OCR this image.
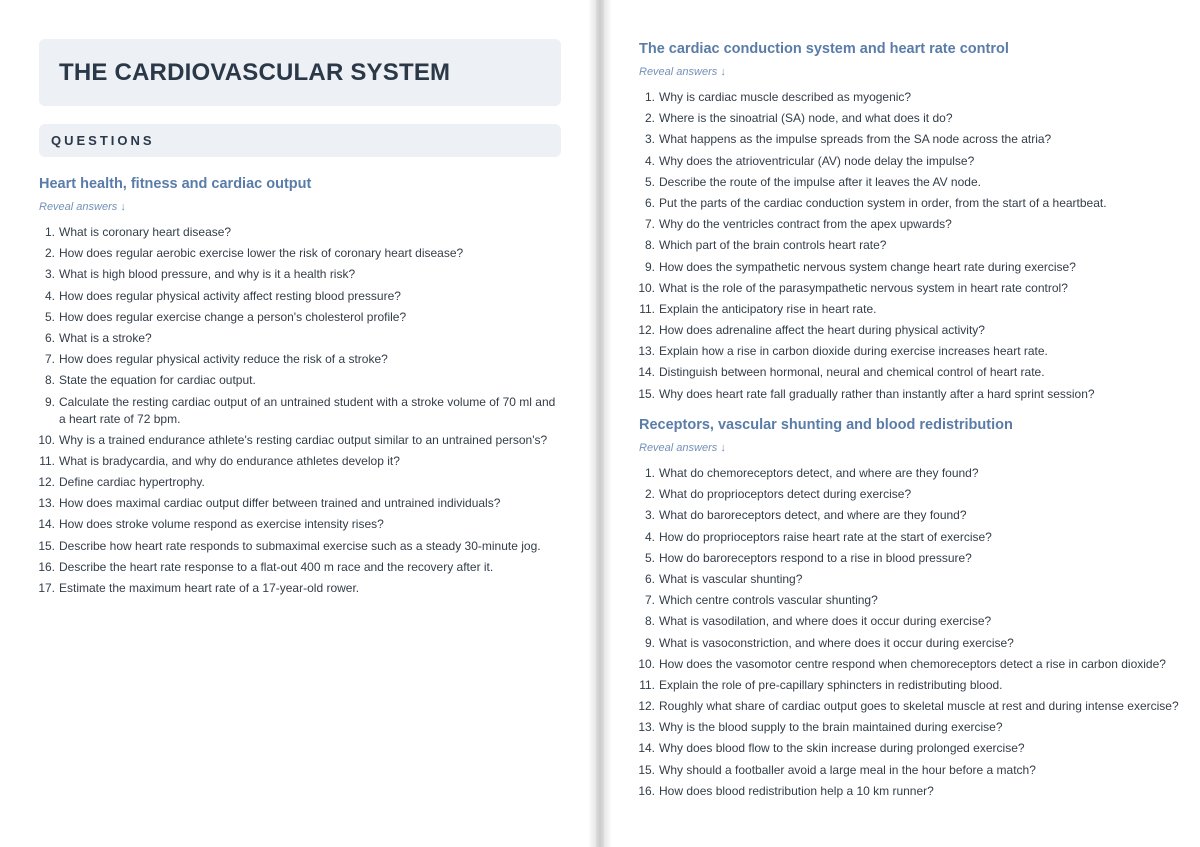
THE CARDIOVASCULAR SYSTEM
QUESTIONS
Heart health, fitness and cardiac output
Reveal answers ↓
1. What is coronary heart disease?
2. How does regular aerobic exercise lower the risk of coronary heart disease?
3. What is high blood pressure, and why is it a health risk?
4. How does regular physical activity affect resting blood pressure?
5. How does regular exercise change a person's cholesterol profile?
6. What is a stroke?
7. How does regular physical activity reduce the risk of a stroke?
8. State the equation for cardiac output.
9. Calculate the resting cardiac output of an untrained student with a stroke volume of 70 ml and a heart rate of 72 bpm.
10. Why is a trained endurance athlete's resting cardiac output similar to an untrained person's?
11. What is bradycardia, and why do endurance athletes develop it?
12. Define cardiac hypertrophy.
13. How does maximal cardiac output differ between trained and untrained individuals?
14. How does stroke volume respond as exercise intensity rises?
15. Describe how heart rate responds to submaximal exercise such as a steady 30-minute jog.
16. Describe the heart rate response to a flat-out 400 m race and the recovery after it.
17. Estimate the maximum heart rate of a 17-year-old rower.
The cardiac conduction system and heart rate control
Reveal answers ↓
1. Why is cardiac muscle described as myogenic?
2. Where is the sinoatrial (SA) node, and what does it do?
3. What happens as the impulse spreads from the SA node across the atria?
4. Why does the atrioventricular (AV) node delay the impulse?
5. Describe the route of the impulse after it leaves the AV node.
6. Put the parts of the cardiac conduction system in order, from the start of a heartbeat.
7. Why do the ventricles contract from the apex upwards?
8. Which part of the brain controls heart rate?
9. How does the sympathetic nervous system change heart rate during exercise?
10. What is the role of the parasympathetic nervous system in heart rate control?
11. Explain the anticipatory rise in heart rate.
12. How does adrenaline affect the heart during physical activity?
13. Explain how a rise in carbon dioxide during exercise increases heart rate.
14. Distinguish between hormonal, neural and chemical control of heart rate.
15. Why does heart rate fall gradually rather than instantly after a hard sprint session?
Receptors, vascular shunting and blood redistribution
Reveal answers ↓
1. What do chemoreceptors detect, and where are they found?
2. What do proprioceptors detect during exercise?
3. What do baroreceptors detect, and where are they found?
4. How do proprioceptors raise heart rate at the start of exercise?
5. How do baroreceptors respond to a rise in blood pressure?
6. What is vascular shunting?
7. Which centre controls vascular shunting?
8. What is vasodilation, and where does it occur during exercise?
9. What is vasoconstriction, and where does it occur during exercise?
10. How does the vasomotor centre respond when chemoreceptors detect a rise in carbon dioxide?
11. Explain the role of pre-capillary sphincters in redistributing blood.
12. Roughly what share of cardiac output goes to skeletal muscle at rest and during intense exercise?
13. Why is the blood supply to the brain maintained during exercise?
14. Why does blood flow to the skin increase during prolonged exercise?
15. Why should a footballer avoid a large meal in the hour before a match?
16. How does blood redistribution help a 10 km runner?
